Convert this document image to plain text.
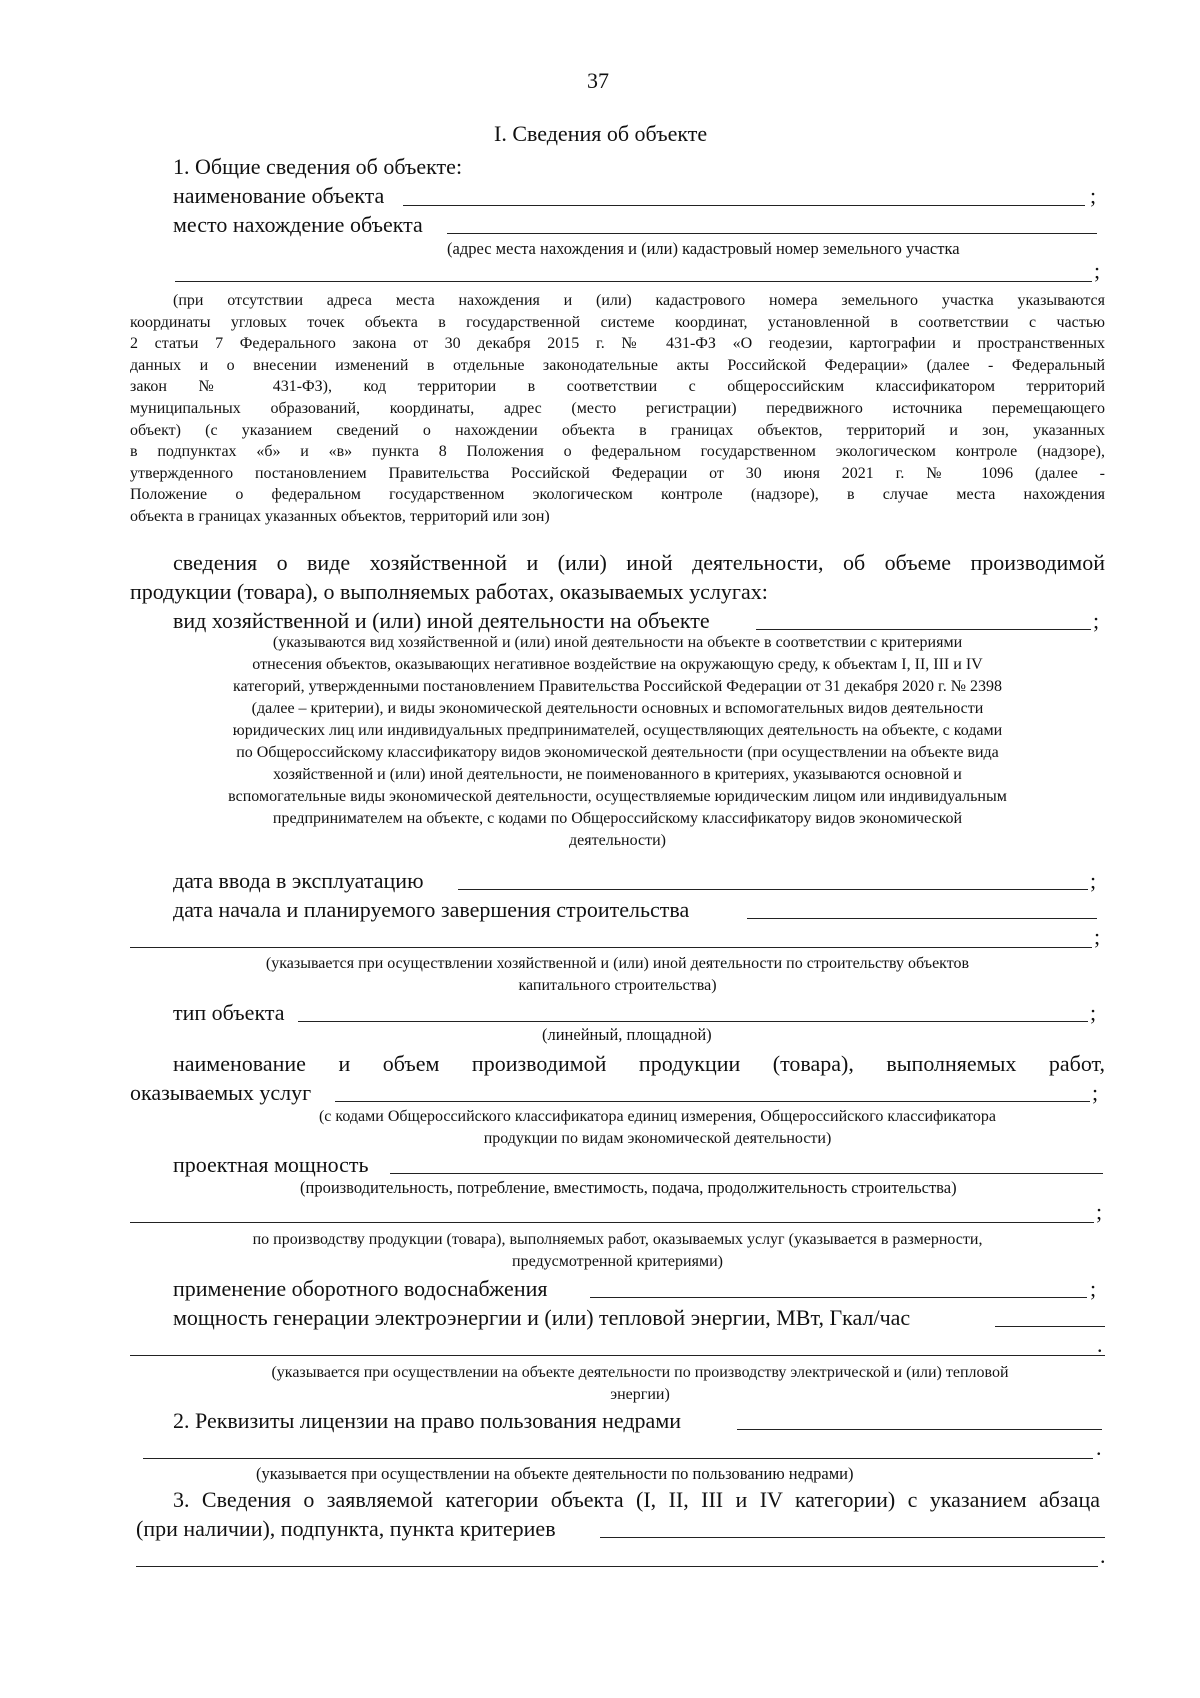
37
I. Сведения об объекте
1. Общие сведения об объекте:
наименование объекта	;
место нахождение объекта
(адрес места нахождения и (или) кадастровый номер земельного участка
;
(при отсутствии адреса места нахождения и (или) кадастрового номера земельного участка указываются
координаты угловых точек объекта в государственной системе координат, установленной в соответствии с частью
2 статьи 7 Федерального закона от 30 декабря 2015 г. № 431-ФЗ «О геодезии, картографии и пространственных
данных и о внесении изменений в отдельные законодательные акты Российской Федерации» (далее - Федеральный
закон № 431-ФЗ), код территории в соответствии с общероссийским классификатором территорий
муниципальных образований, координаты, адрес (место регистрации) передвижного источника перемещающего
объект) (с указанием сведений о нахождении объекта в границах объектов, территорий и зон, указанных
в подпунктах «б» и «в» пункта 8 Положения о федеральном государственном экологическом контроле (надзоре),
утвержденного постановлением Правительства Российской Федерации от 30 июня 2021 г. № 1096 (далее -
Положение о федеральном государственном экологическом контроле (надзоре), в случае места нахождения
объекта в границах указанных объектов, территорий или зон)
сведения о виде хозяйственной и (или) иной деятельности, об объеме производимой
продукции (товара), о выполняемых работах, оказываемых услугах:
вид хозяйственной и (или) иной деятельности на объекте	;
(указываются вид хозяйственной и (или) иной деятельности на объекте в соответствии с критериями
отнесения объектов, оказывающих негативное воздействие на окружающую среду, к объектам I, II, III и IV
категорий, утвержденными постановлением Правительства Российской Федерации от 31 декабря 2020 г. № 2398
(далее – критерии), и виды экономической деятельности основных и вспомогательных видов деятельности
юридических лиц или индивидуальных предпринимателей, осуществляющих деятельность на объекте, с кодами
по Общероссийскому классификатору видов экономической деятельности (при осуществлении на объекте вида
хозяйственной и (или) иной деятельности, не поименованного в критериях, указываются основной и
вспомогательные виды экономической деятельности, осуществляемые юридическим лицом или индивидуальным
предпринимателем на объекте, с кодами по Общероссийскому классификатору видов экономической
деятельности)
дата ввода в эксплуатацию	;
дата начала и планируемого завершения строительства
;
(указывается при осуществлении хозяйственной и (или) иной деятельности по строительству объектов
капитального строительства)
тип объекта	;
(линейный, площадной)
наименование и объем производимой продукции (товара), выполняемых работ,
оказываемых услуг	;
(с кодами Общероссийского классификатора единиц измерения, Общероссийского классификатора
продукции по видам экономической деятельности)
проектная мощность
(производительность, потребление, вместимость, подача, продолжительность строительства)
;
по производству продукции (товара), выполняемых работ, оказываемых услуг (указывается в размерности,
предусмотренной критериями)
применение оборотного водоснабжения	;
мощность генерации электроэнергии и (или) тепловой энергии, МВт, Гкал/час
.
(указывается при осуществлении на объекте деятельности по производству электрической и (или) тепловой
энергии)
2. Реквизиты лицензии на право пользования недрами
.
(указывается при осуществлении на объекте деятельности по пользованию недрами)
3. Сведения о заявляемой категории объекта (I, II, III и IV категории) с указанием абзаца
(при наличии), подпункта, пункта критериев
.
